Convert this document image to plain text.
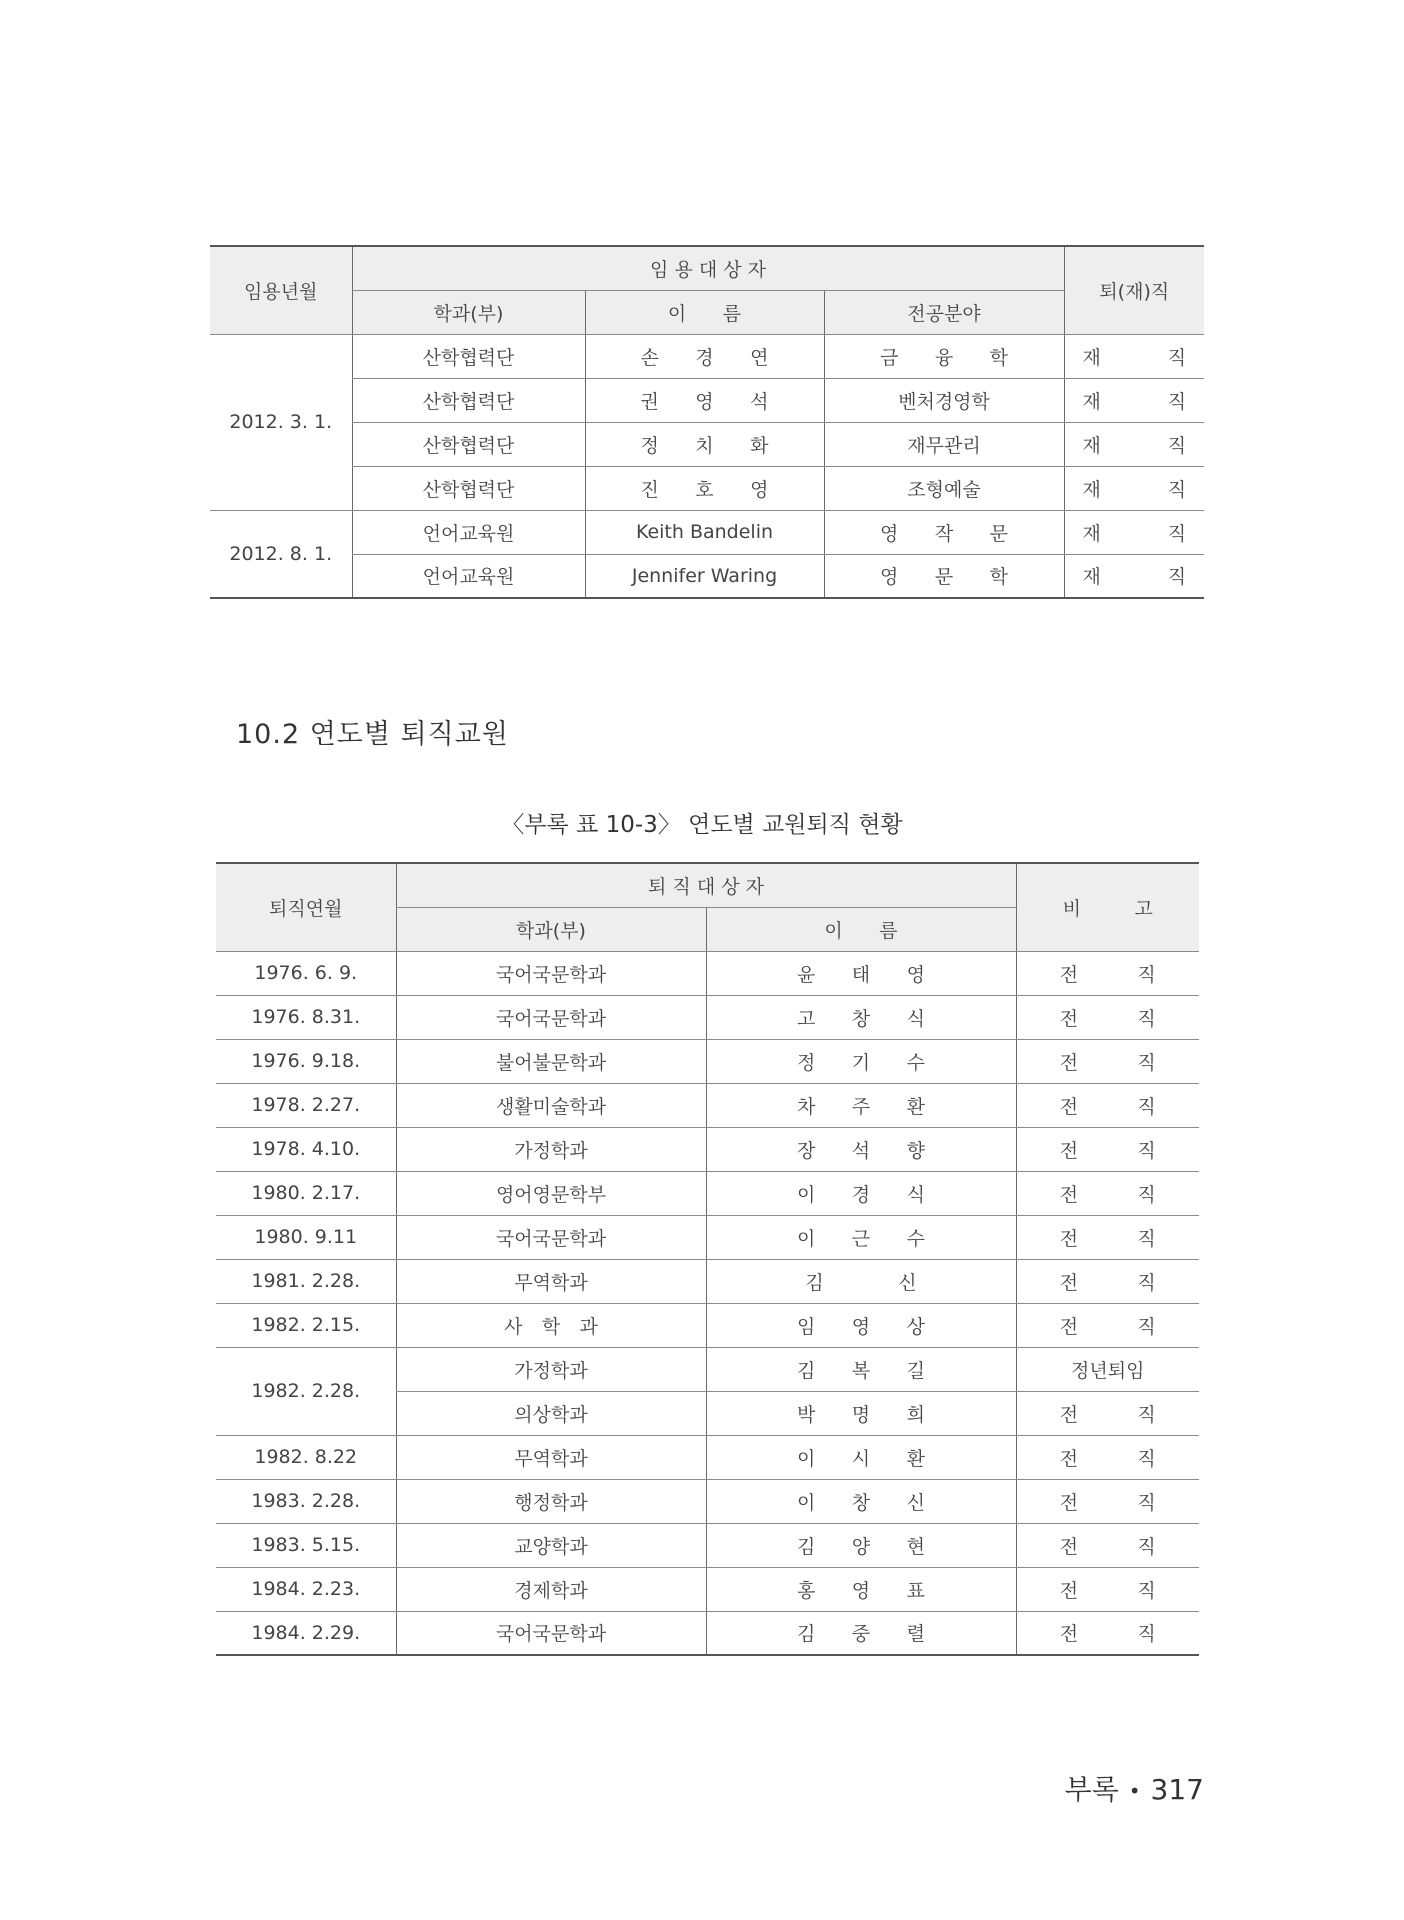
임용년월	임 용 대 상 자			퇴(재)직
	학과(부)	이 름	전공분야	
2012. 3. 1.	산학협력단	손 경 연	금 융 학	재 직
	산학협력단	권 영 석	벤처경영학	재 직
	산학협력단	정 치 화	재무관리	재 직
	산학협력단	진 호 영	조형예술	재 직
2012. 8. 1.	언어교육원	Keith Bandelin	영 작 문	재 직
	언어교육원	Jennifer Waring	영 문 학	재 직
10.2 연도별 퇴직교원
〈부록 표 10-3〉 연도별 교원퇴직 현황
퇴직연월	퇴 직 대 상 자		비 고
	학과(부)	이 름	
1976. 6. 9.	국어국문학과	윤 태 영	전 직
1976. 8.31.	국어국문학과	고 창 식	전 직
1976. 9.18.	불어불문학과	정 기 수	전 직
1978. 2.27.	생활미술학과	차 주 환	전 직
1978. 4.10.	가정학과	장 석 향	전 직
1980. 2.17.	영어영문학부	이 경 식	전 직
1980. 9.11	국어국문학과	이 근 수	전 직
1981. 2.28.	무역학과	김 신	전 직
1982. 2.15.	사 학 과	임 영 상	전 직
1982. 2.28.	가정학과	김 복 길	정년퇴임
	의상학과	박 명 희	전 직
1982. 8.22	무역학과	이 시 환	전 직
1983. 2.28.	행정학과	이 창 신	전 직
1983. 5.15.	교양학과	김 양 현	전 직
1984. 2.23.	경제학과	홍 영 표	전 직
1984. 2.29.	국어국문학과	김 중 렬	전 직
부록 • 317
